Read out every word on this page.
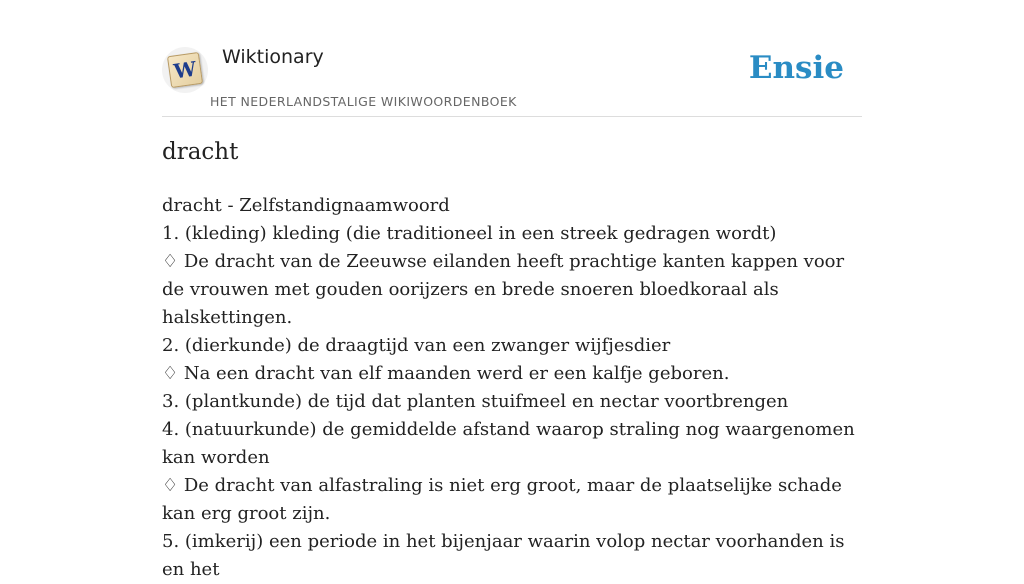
W Wiktionary
HET NEDERLANDSTALIGE WIKIWOORDENBOEK
Ensie
dracht
dracht - Zelfstandignaamwoord
1. (kleding) kleding (die traditioneel in een streek gedragen wordt)
♢ De dracht van de Zeeuwse eilanden heeft prachtige kanten kappen voor de vrouwen met gouden oorijzers en brede snoeren bloedkoraal als halskettingen.
2. (dierkunde) de draagtijd van een zwanger wijfjesdier
♢ Na een dracht van elf maanden werd er een kalfje geboren.
3. (plantkunde) de tijd dat planten stuifmeel en nectar voortbrengen
4. (natuurkunde) de gemiddelde afstand waarop straling nog waargenomen kan worden
♢ De dracht van alfastraling is niet erg groot, maar de plaatselijke schade kan erg groot zijn.
5. (imkerij) een periode in het bijenjaar waarin volop nectar voorhanden is en het
